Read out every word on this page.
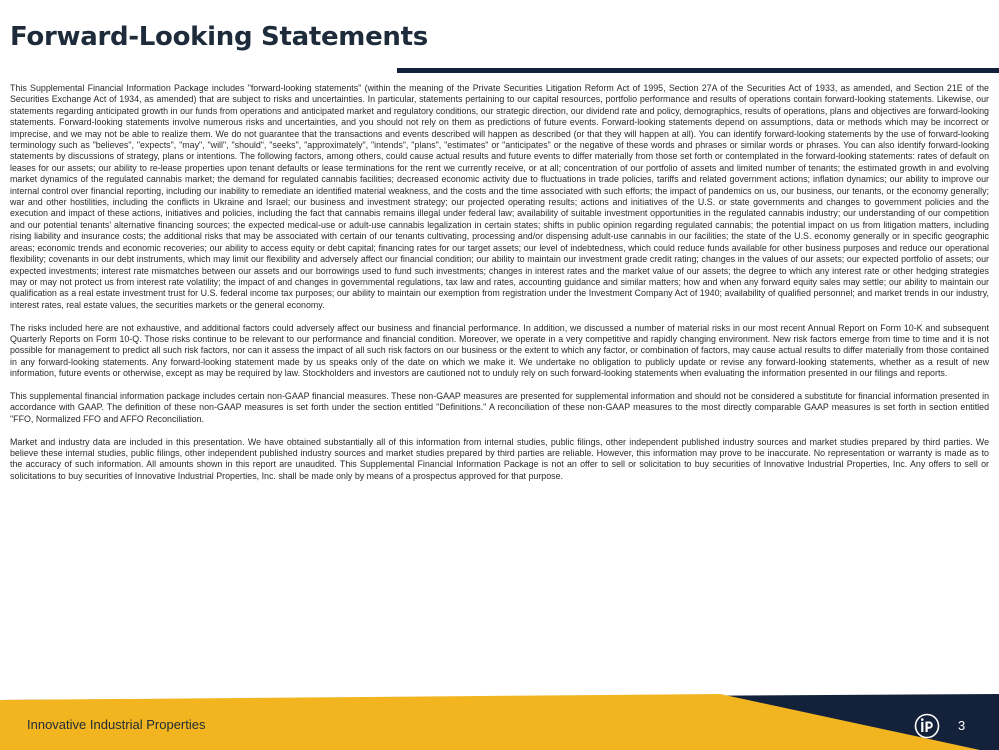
Forward-Looking Statements

This Supplemental Financial Information Package includes "forward-looking statements" (within the meaning of the Private Securities Litigation Reform Act of 1995, Section 27A of the Securities Act of 1933, as amended, and Section 21E of the Securities Exchange Act of 1934, as amended) that are subject to risks and uncertainties. In particular, statements pertaining to our capital resources, portfolio performance and results of operations contain forward-looking statements. Likewise, our statements regarding anticipated growth in our funds from operations and anticipated market and regulatory conditions, our strategic direction, our dividend rate and policy, demographics, results of operations, plans and objectives are forward-looking statements. Forward-looking statements involve numerous risks and uncertainties, and you should not rely on them as predictions of future events. Forward-looking statements depend on assumptions, data or methods which may be incorrect or imprecise, and we may not be able to realize them. We do not guarantee that the transactions and events described will happen as described (or that they will happen at all). You can identify forward-looking statements by the use of forward-looking terminology such as "believes", "expects", "may", "will", "should", "seeks", "approximately", "intends", "plans", "estimates" or "anticipates" or the negative of these words and phrases or similar words or phrases. You can also identify forward-looking statements by discussions of strategy, plans or intentions. The following factors, among others, could cause actual results and future events to differ materially from those set forth or contemplated in the forward-looking statements: rates of default on leases for our assets; our ability to re-lease properties upon tenant defaults or lease terminations for the rent we currently receive, or at all; concentration of our portfolio of assets and limited number of tenants; the estimated growth in and evolving market dynamics of the regulated cannabis market; the demand for regulated cannabis facilities; decreased economic activity due to fluctuations in trade policies, tariffs and related government actions; inflation dynamics; our ability to improve our internal control over financial reporting, including our inability to remediate an identified material weakness, and the costs and the time associated with such efforts; the impact of pandemics on us, our business, our tenants, or the economy generally; war and other hostilities, including the conflicts in Ukraine and Israel; our business and investment strategy; our projected operating results; actions and initiatives of the U.S. or state governments and changes to government policies and the execution and impact of these actions, initiatives and policies, including the fact that cannabis remains illegal under federal law; availability of suitable investment opportunities in the regulated cannabis industry; our understanding of our competition and our potential tenants' alternative financing sources; the expected medical-use or adult-use cannabis legalization in certain states; shifts in public opinion regarding regulated cannabis; the potential impact on us from litigation matters, including rising liability and insurance costs; the additional risks that may be associated with certain of our tenants cultivating, processing and/or dispensing adult-use cannabis in our facilities; the state of the U.S. economy generally or in specific geographic areas; economic trends and economic recoveries; our ability to access equity or debt capital; financing rates for our target assets; our level of indebtedness, which could reduce funds available for other business purposes and reduce our operational flexibility; covenants in our debt instruments, which may limit our flexibility and adversely affect our financial condition; our ability to maintain our investment grade credit rating; changes in the values of our assets; our expected portfolio of assets; our expected investments; interest rate mismatches between our assets and our borrowings used to fund such investments; changes in interest rates and the market value of our assets; the degree to which any interest rate or other hedging strategies may or may not protect us from interest rate volatility; the impact of and changes in governmental regulations, tax law and rates, accounting guidance and similar matters; how and when any forward equity sales may settle; our ability to maintain our qualification as a real estate investment trust for U.S. federal income tax purposes; our ability to maintain our exemption from registration under the Investment Company Act of 1940; availability of qualified personnel; and market trends in our industry, interest rates, real estate values, the securities markets or the general economy.

The risks included here are not exhaustive, and additional factors could adversely affect our business and financial performance. In addition, we discussed a number of material risks in our most recent Annual Report on Form 10-K and subsequent Quarterly Reports on Form 10-Q. Those risks continue to be relevant to our performance and financial condition. Moreover, we operate in a very competitive and rapidly changing environment. New risk factors emerge from time to time and it is not possible for management to predict all such risk factors, nor can it assess the impact of all such risk factors on our business or the extent to which any factor, or combination of factors, may cause actual results to differ materially from those contained in any forward-looking statements. Any forward-looking statement made by us speaks only of the date on which we make it. We undertake no obligation to publicly update or revise any forward-looking statements, whether as a result of new information, future events or otherwise, except as may be required by law. Stockholders and investors are cautioned not to unduly rely on such forward-looking statements when evaluating the information presented in our filings and reports.

This supplemental financial information package includes certain non-GAAP financial measures. These non-GAAP measures are presented for supplemental information and should not be considered a substitute for financial information presented in accordance with GAAP. The definition of these non-GAAP measures is set forth under the section entitled "Definitions." A reconciliation of these non-GAAP measures to the most directly comparable GAAP measures is set forth in section entitled "FFO, Normalized FFO and AFFO Reconciliation.

Market and industry data are included in this presentation. We have obtained substantially all of this information from internal studies, public filings, other independent published industry sources and market studies prepared by third parties. We believe these internal studies, public filings, other independent published industry sources and market studies prepared by third parties are reliable. However, this information may prove to be inaccurate. No representation or warranty is made as to the accuracy of such information. All amounts shown in this report are unaudited. This Supplemental Financial Information Package is not an offer to sell or solicitation to buy securities of Innovative Industrial Properties, Inc. Any offers to sell or solicitations to buy securities of Innovative Industrial Properties, Inc. shall be made only by means of a prospectus approved for that purpose.

Innovative Industrial Properties	3
